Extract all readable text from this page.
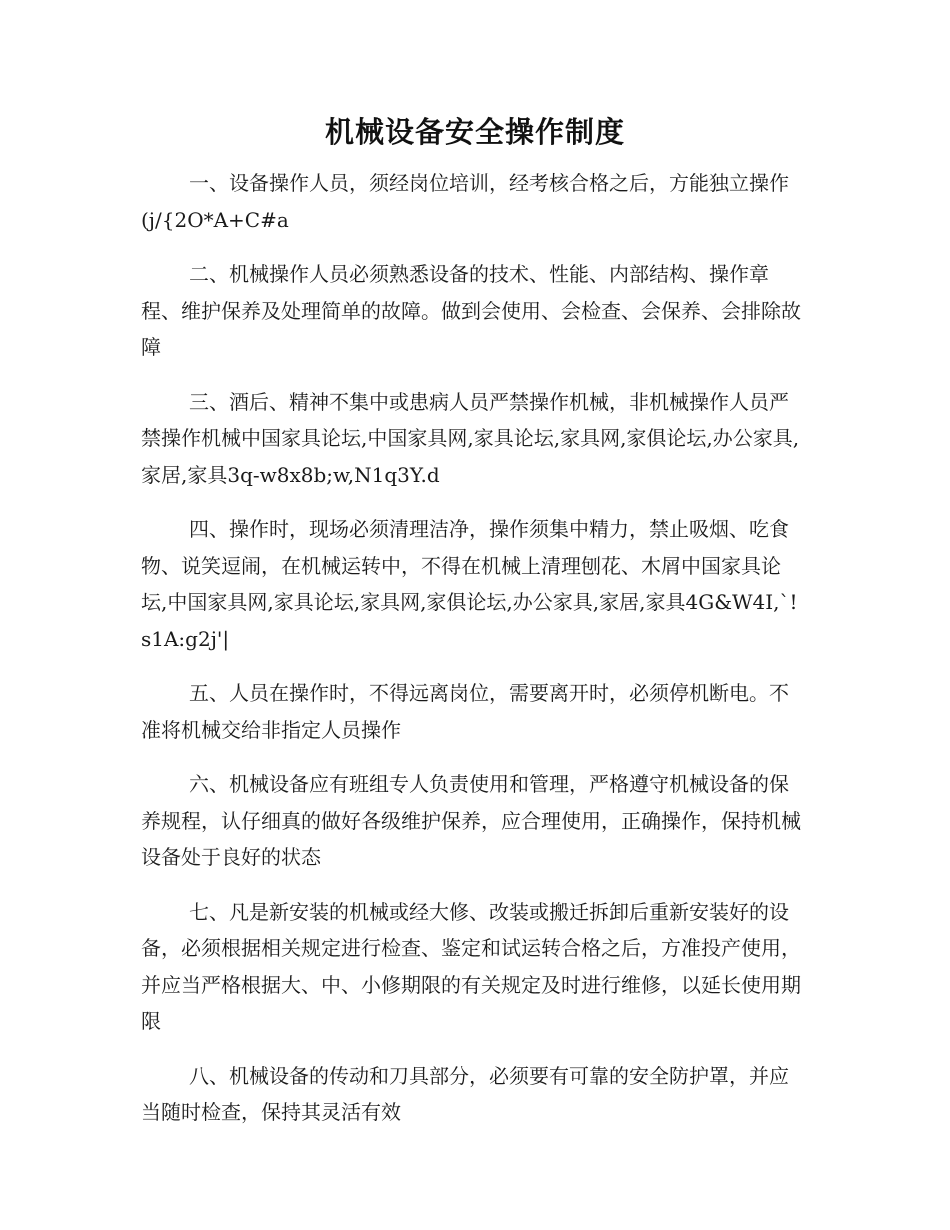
机械设备安全操作制度

一、设备操作人员，须经岗位培训，经考核合格之后，方能独立操作(j/{2O*A+C#a

二、机械操作人员必须熟悉设备的技术、性能、内部结构、操作章程、维护保养及处理简单的故障。做到会使用、会检查、会保养、会排除故障

三、酒后、精神不集中或患病人员严禁操作机械，非机械操作人员严禁操作机械中国家具论坛,中国家具网,家具论坛,家具网,家俱论坛,办公家具,家居,家具3q-w8x8b;w,N1q3Y.d

四、操作时，现场必须清理洁净，操作须集中精力，禁止吸烟、吃食物、说笑逗闹，在机械运转中，不得在机械上清理刨花、木屑中国家具论坛,中国家具网,家具论坛,家具网,家俱论坛,办公家具,家居,家具4G&W4I,`!s1A:g2j'|

五、人员在操作时，不得远离岗位，需要离开时，必须停机断电。不准将机械交给非指定人员操作

六、机械设备应有班组专人负责使用和管理，严格遵守机械设备的保养规程，认仔细真的做好各级维护保养，应合理使用，正确操作，保持机械设备处于良好的状态

七、凡是新安装的机械或经大修、改装或搬迁拆卸后重新安装好的设备，必须根据相关规定进行检查、鉴定和试运转合格之后，方准投产使用，并应当严格根据大、中、小修期限的有关规定及时进行维修，以延长使用期限

八、机械设备的传动和刀具部分，必须要有可靠的安全防护罩，并应当随时检查，保持其灵活有效
